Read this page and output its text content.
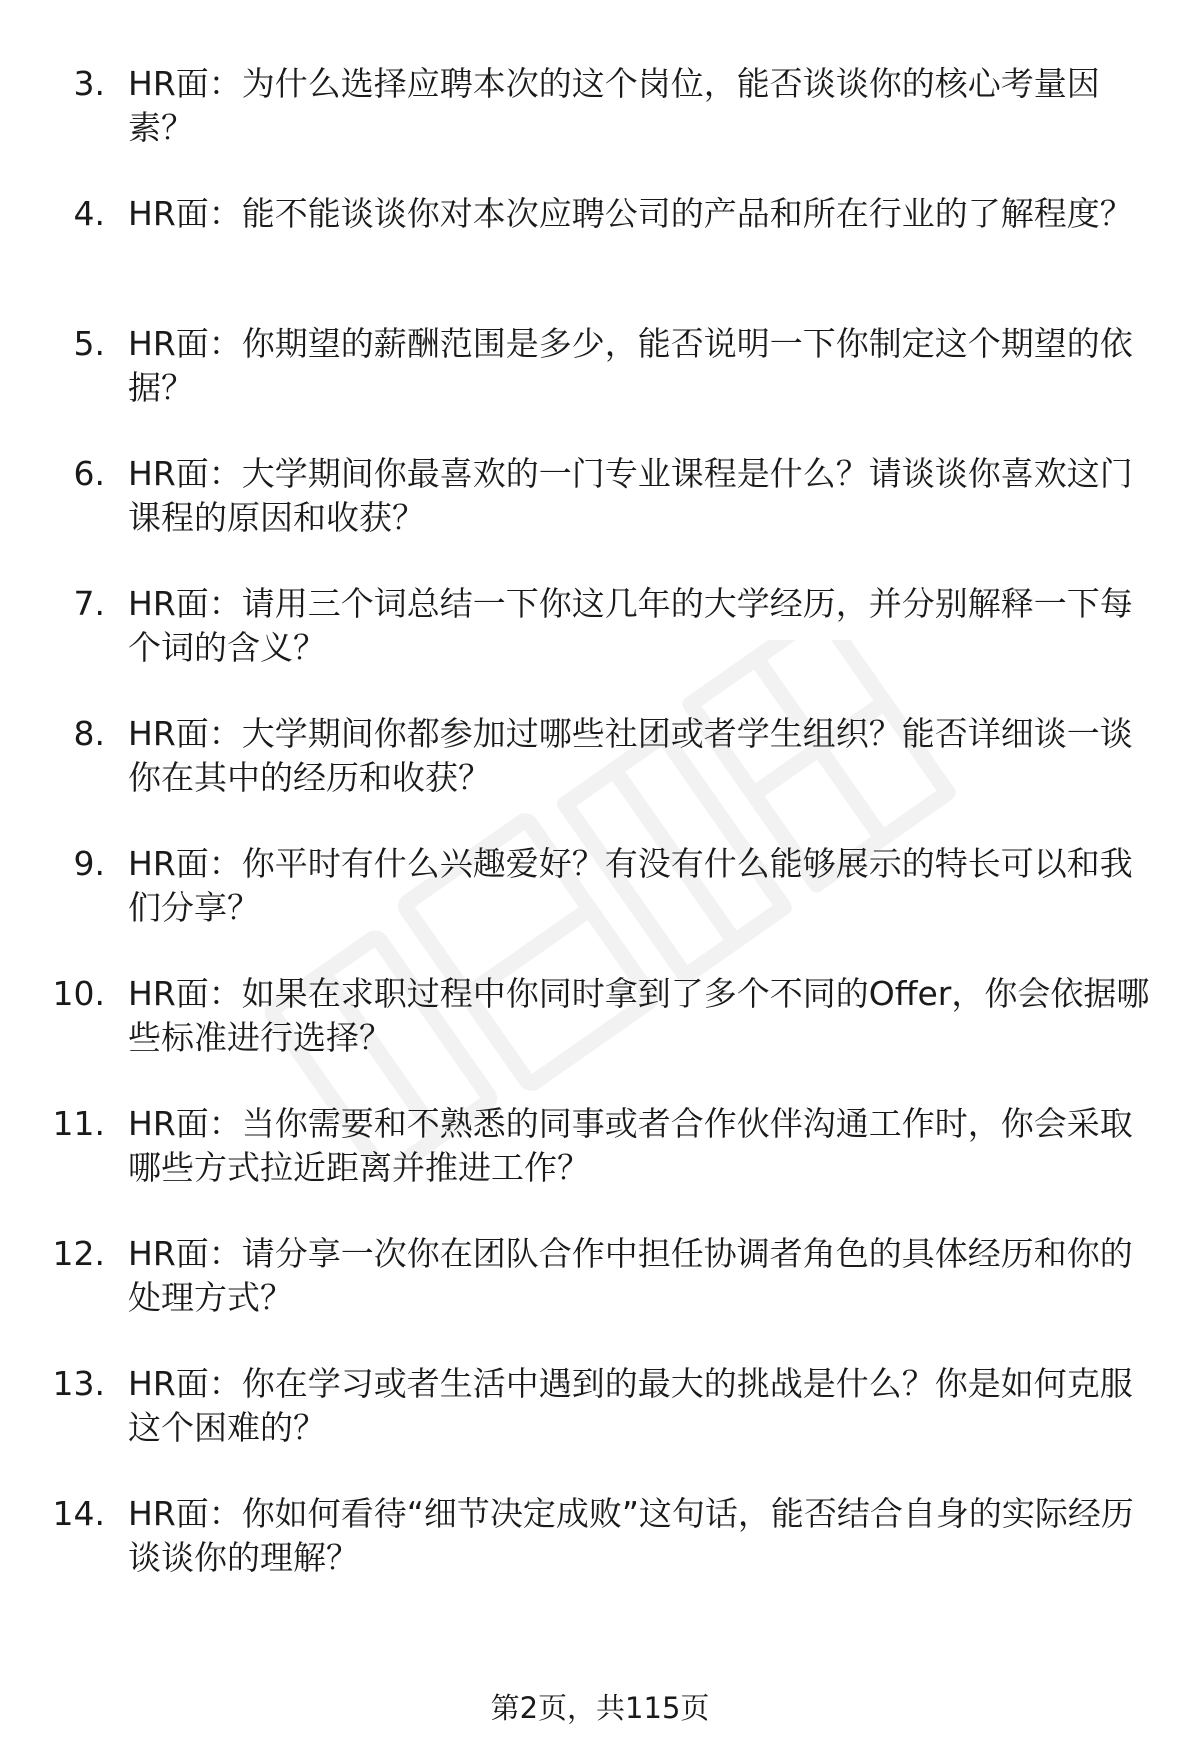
3. HR面：为什么选择应聘本次的这个岗位，能否谈谈你的核心考量因素？

4. HR面：能不能谈谈你对本次应聘公司的产品和所在行业的了解程度？

5. HR面：你期望的薪酬范围是多少，能否说明一下你制定这个期望的依据？

6. HR面：大学期间你最喜欢的一门专业课程是什么？请谈谈你喜欢这门课程的原因和收获？

7. HR面：请用三个词总结一下你这几年的大学经历，并分别解释一下每个词的含义？

8. HR面：大学期间你都参加过哪些社团或者学生组织？能否详细谈一谈你在其中的经历和收获？

9. HR面：你平时有什么兴趣爱好？有没有什么能够展示的特长可以和我们分享？

10. HR面：如果在求职过程中你同时拿到了多个不同的Offer，你会依据哪些标准进行选择？

11. HR面：当你需要和不熟悉的同事或者合作伙伴沟通工作时，你会采取哪些方式拉近距离并推进工作？

12. HR面：请分享一次你在团队合作中担任协调者角色的具体经历和你的处理方式？

13. HR面：你在学习或者生活中遇到的最大的挑战是什么？你是如何克服这个困难的？

14. HR面：你如何看待“细节决定成败”这句话，能否结合自身的实际经历谈谈你的理解？

第2页，共115页
